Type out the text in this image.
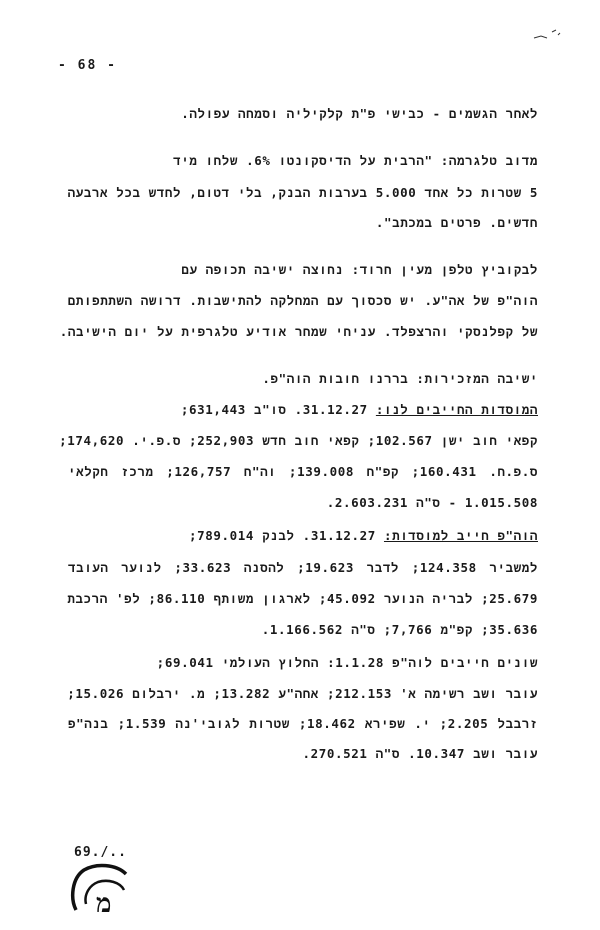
- 68 -
לאחר הגשמים - כבישי פ"ת קלקיליה וסמחה עפולה.
מדוב טלגרמה: "הרבית על הדיסקונטו 6%. שלחו מיד
5 שטרות כל אחד 5.000 בערבות הבנק, בלי דטום, לחדש בכל ארבעה
חדשים. פרטים במכתב".
לבקוביץ טלפן מעין חרוד: נחוצה ישיבה תכופה עם
הוה"פ של אה"ע. יש סכסוך עם המחלקה להתישבות. דרושה השתתפותם
של קפלנסקי והרצפלד. עניחי שמחר אודיע טלגרפית על יום הישיבה.
ישיבה המזכירות: בררנו חובות הוה"פ.
המוסדות החייבים לנו: 31.12.27. סו"ב 631,443;
קפאי חוב ישן 102.567; קפאי חוב חדש 252,903; ס.פ.י. 174,620;
ס.פ.ח. 160.431; קפ"ח 139.008; וה"ח 126,757; מרכז חקלאי
1.015.508 - ס"ה 2.603.231.
הוה"פ חייב למוסדות: 31.12.27. לבנק 789.014;
למשביר 124.358; לדבר 19.623; להסנה 33.623; לנוער העובד
25.679; לבריה הנוער 45.092; לארגון משותף 86.110; לפ' הרכבת
35.636; קפ"מ 7,766; ס"ה 1.166.562.
שונים חייבים לוה"פ 1.1.28: החלוץ העולמי 69.041;
עובר ושב רשימה א' 212.153; אחה"ע 13.282; מ. ירבלום 15.026;
זרבבל 2.205; י. שפירא 18.462; שטרות לגובי'נה 1.539; בנה"פ
עובר ושב 10.347. ס"ה 270.521.
69./..
מ
